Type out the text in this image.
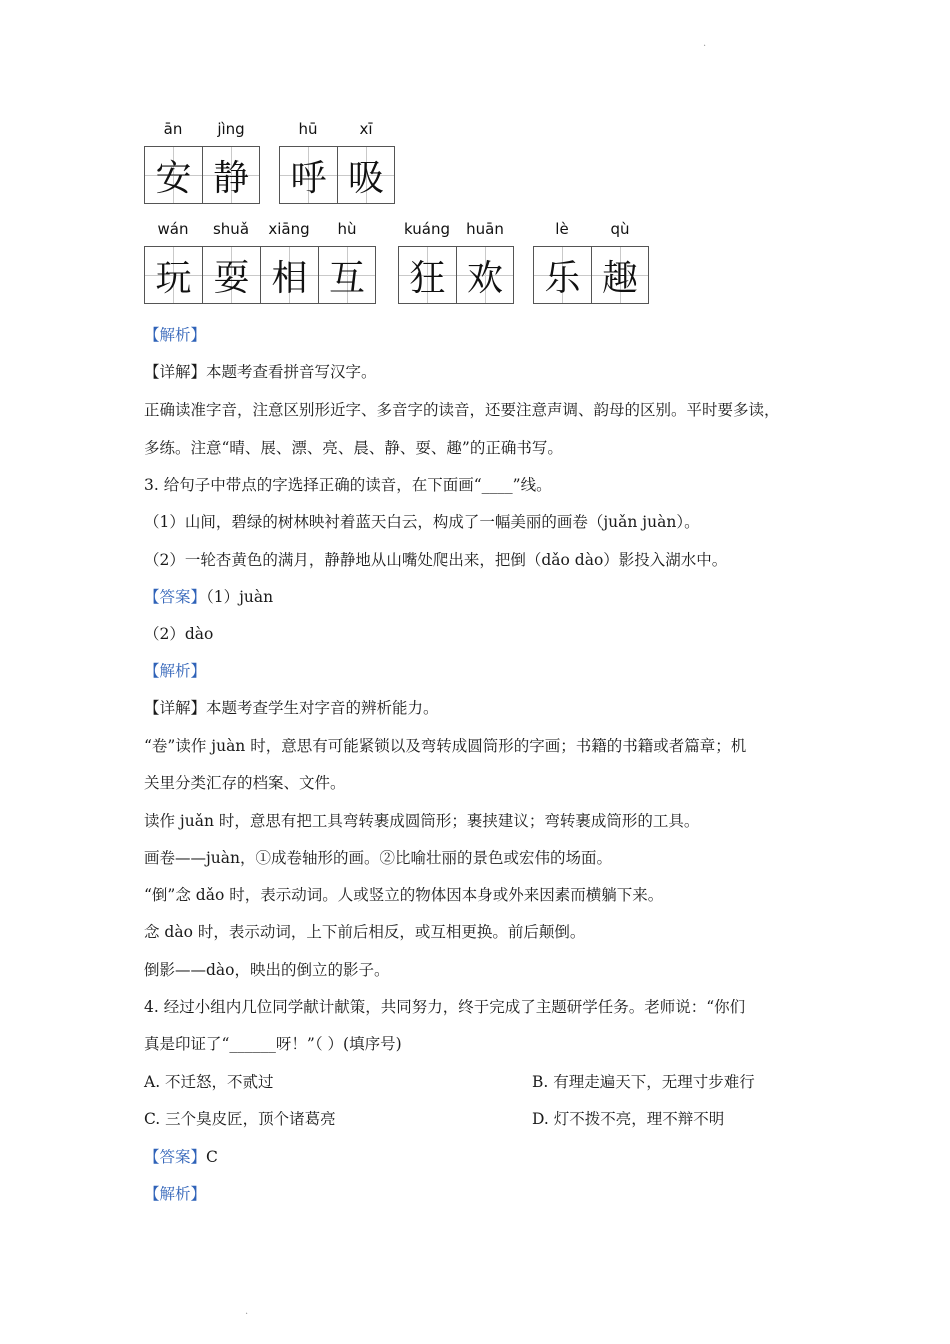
.
ān
安
jìng
静
hū
呼
xī
吸
wán
玩
shuǎ
耍
xiāng
相
hù
互
kuáng
狂
huān
欢
lè
乐
qù
趣
【解析】
【详解】本题考查看拼音写汉字。
正确读准字音，注意区别形近字、多音字的读音，还要注意声调、韵母的区别。平时要多读，
多练。注意“晴、展、漂、亮、晨、静、耍、趣”的正确书写。
3. 给句子中带点的字选择正确的读音，在下面画“____”线。
（1）山间，碧绿的树林映衬着蓝天白云，构成了一幅美丽的画卷（juǎn juàn）。
（2）一轮杏黄色的满月，静静地从山嘴处爬出来，把倒（dǎo dào）影投入湖水中。
【答案】（1）juàn
（2）dào
【解析】
【详解】本题考查学生对字音的辨析能力。
“卷”读作 juàn 时，意思有可能紧锁以及弯转成圆筒形的字画；书籍的书籍或者篇章；机
关里分类汇存的档案、文件。
读作 juǎn 时，意思有把工具弯转裹成圆筒形；裹挟建议；弯转裹成筒形的工具。
画卷——juàn，①成卷轴形的画。②比喻壮丽的景色或宏伟的场面。
“倒”念 dǎo 时，表示动词。人或竖立的物体因本身或外来因素而横躺下来。
念 dào 时，表示动词，上下前后相反，或互相更换。前后颠倒。
倒影——dào，映出的倒立的影子。
4. 经过小组内几位同学献计献策，共同努力，终于完成了主题研学任务。老师说：“你们
真是印证了“______呀！”（ ）(填序号)
A. 不迁怒，不贰过	B. 有理走遍天下，无理寸步难行
C. 三个臭皮匠，顶个诸葛亮	D. 灯不拨不亮，理不辩不明
【答案】C
【解析】
.
